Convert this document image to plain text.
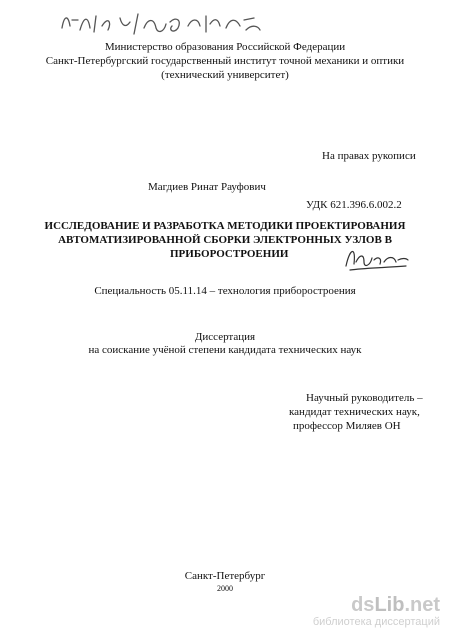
Министерство образования Российской Федерации
Санкт-Петербургский государственный институт точной механики и оптики
(технический университет)
На правах рукописи
Магдиев Ринат Рауфович
УДК 621.396.6.002.2
ИССЛЕДОВАНИЕ И РАЗРАБОТКА МЕТОДИКИ ПРОЕКТИРОВАНИЯ
АВТОМАТИЗИРОВАННОЙ СБОРКИ ЭЛЕКТРОННЫХ УЗЛОВ В
ПРИБОРОСТРОЕНИИ
Специальность 05.11.14 – технология приборостроения
Диссертация
на соискание учёной степени кандидата технических наук
Научный руководитель –
кандидат технических наук,
профессор Миляев ОН
Санкт-Петербург
2000
dsLib.net
библиотека диссертаций
